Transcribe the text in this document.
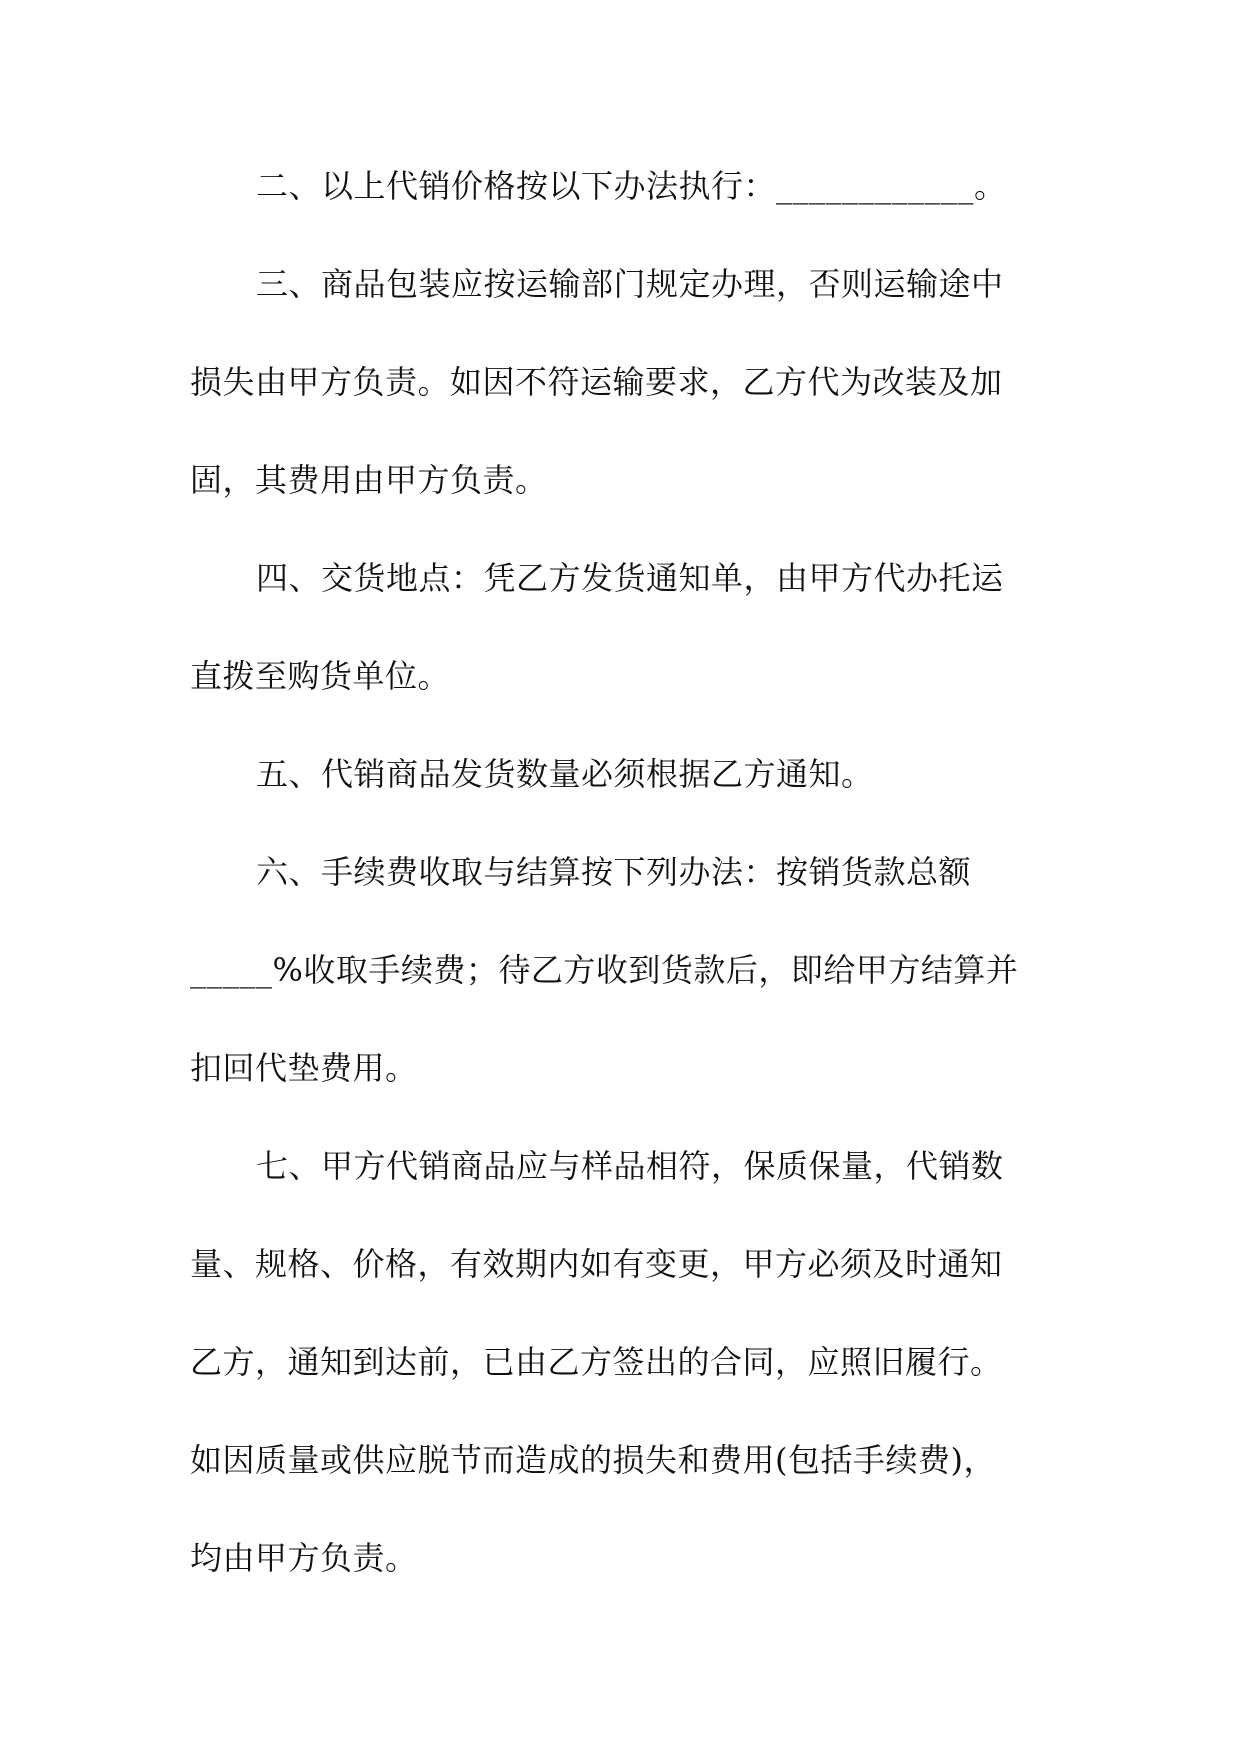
二、以上代销价格按以下办法执行：____________。

三、商品包装应按运输部门规定办理，否则运输途中

损失由甲方负责。如因不符运输要求，乙方代为改装及加

固，其费用由甲方负责。

四、交货地点：凭乙方发货通知单，由甲方代办托运

直拨至购货单位。

五、代销商品发货数量必须根据乙方通知。

六、手续费收取与结算按下列办法：按销货款总额

_____%收取手续费；待乙方收到货款后，即给甲方结算并

扣回代垫费用。

七、甲方代销商品应与样品相符，保质保量，代销数

量、规格、价格，有效期内如有变更，甲方必须及时通知

乙方，通知到达前，已由乙方签出的合同，应照旧履行。

如因质量或供应脱节而造成的损失和费用(包括手续费)，

均由甲方负责。
